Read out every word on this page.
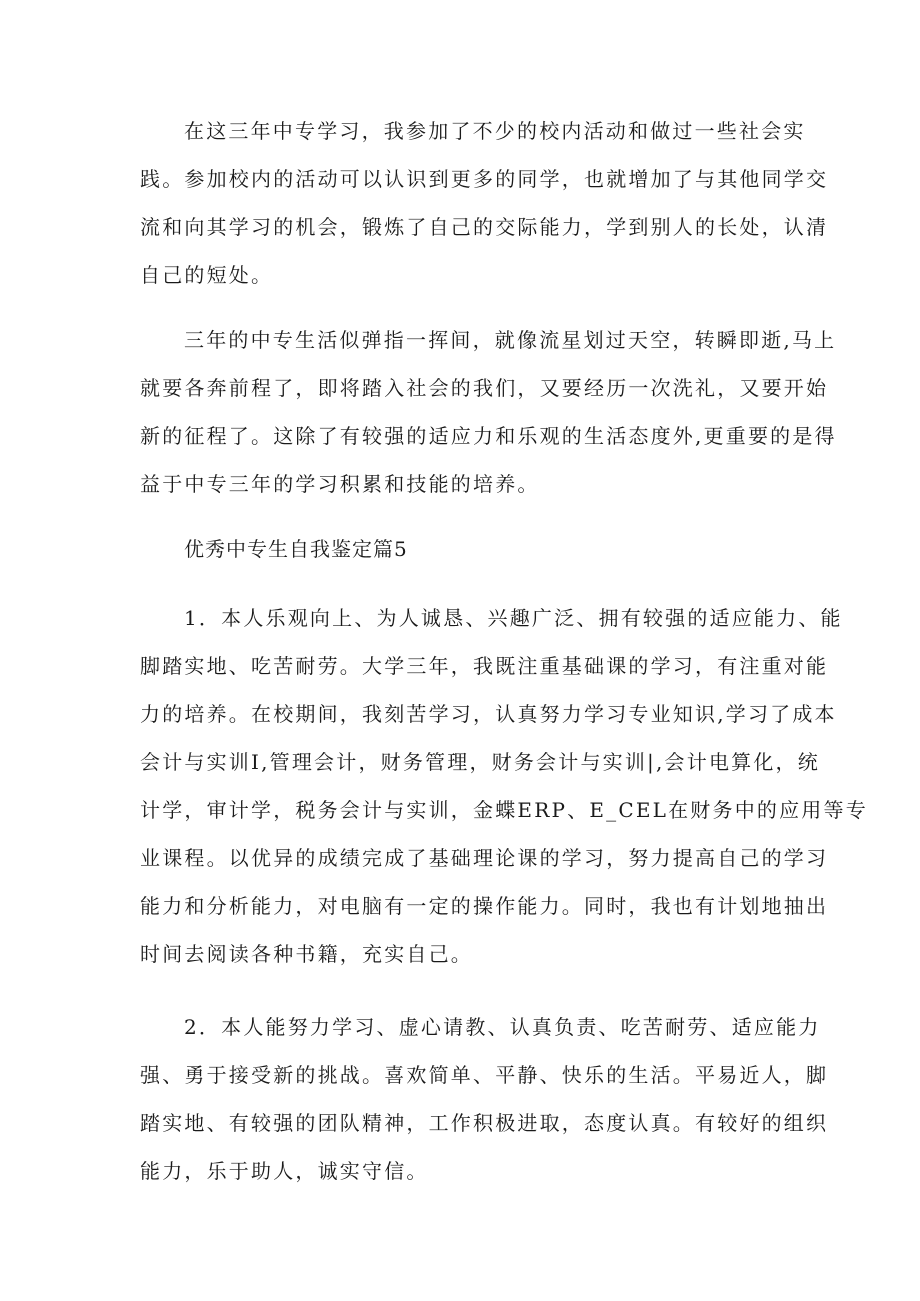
在这三年中专学习，我参加了不少的校内活动和做过一些社会实
践。参加校内的活动可以认识到更多的同学，也就增加了与其他同学交
流和向其学习的机会，锻炼了自己的交际能力，学到别人的长处，认清
自己的短处。
三年的中专生活似弹指一挥间，就像流星划过天空，转瞬即逝,马上
就要各奔前程了，即将踏入社会的我们，又要经历一次洗礼，又要开始
新的征程了。这除了有较强的适应力和乐观的生活态度外,更重要的是得
益于中专三年的学习积累和技能的培养。
优秀中专生自我鉴定篇5
1．本人乐观向上、为人诚恳、兴趣广泛、拥有较强的适应能力、能
脚踏实地、吃苦耐劳。大学三年，我既注重基础课的学习，有注重对能
力的培养。在校期间，我刻苦学习，认真努力学习专业知识,学习了成本
会计与实训I,管理会计，财务管理，财务会计与实训|,会计电算化，统
计学，审计学，税务会计与实训，金蝶ERP、E_CEL在财务中的应用等专
业课程。以优异的成绩完成了基础理论课的学习，努力提高自己的学习
能力和分析能力，对电脑有一定的操作能力。同时，我也有计划地抽出
时间去阅读各种书籍，充实自己。
2．本人能努力学习、虚心请教、认真负责、吃苦耐劳、适应能力
强、勇于接受新的挑战。喜欢简单、平静、快乐的生活。平易近人，脚
踏实地、有较强的团队精神，工作积极进取，态度认真。有较好的组织
能力，乐于助人，诚实守信。
